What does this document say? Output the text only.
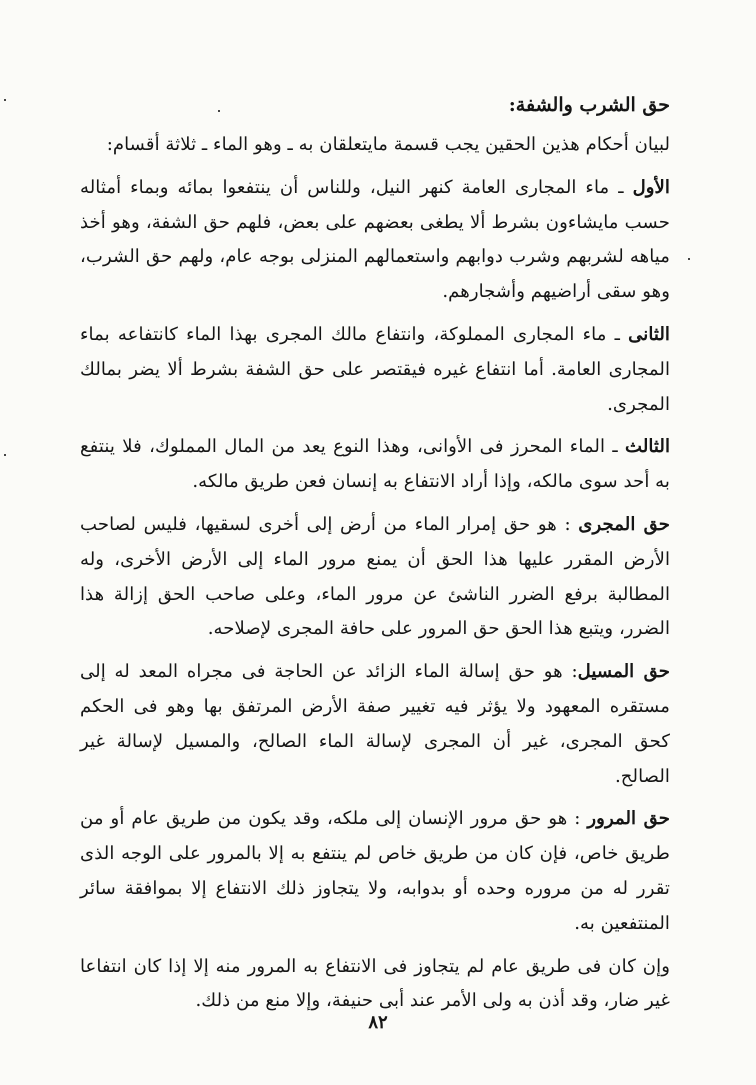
حق الشرب والشفة:

لبيان أحكام هذين الحقين يجب قسمة مايتعلقان به ـ وهو الماء ـ ثلاثة أقسام:

الأول ـ ماء المجارى العامة كنهر النيل، وللناس أن ينتفعوا بمائه وبماء أمثاله حسب مايشاءون بشرط ألا يطغى بعضهم على بعض، فلهم حق الشفة، وهو أخذ مياهه لشربهم وشرب دوابهم واستعمالهم المنزلى بوجه عام، ولهم حق الشرب، وهو سقى أراضيهم وأشجارهم.

الثانى ـ ماء المجارى المملوكة، وانتفاع مالك المجرى بهذا الماء كانتفاعه بماء المجارى العامة. أما انتفاع غيره فيقتصر على حق الشفة بشرط ألا يضر بمالك المجرى.

الثالث ـ الماء المحرز فى الأوانى، وهذا النوع يعد من المال المملوك، فلا ينتفع به أحد سوى مالكه، وإذا أراد الانتفاع به إنسان فعن طريق مالكه.

حق المجرى : هو حق إمرار الماء من أرض إلى أخرى لسقيها، فليس لصاحب الأرض المقرر عليها هذا الحق أن يمنع مرور الماء إلى الأرض الأخرى، وله المطالبة برفع الضرر الناشئ عن مرور الماء، وعلى صاحب الحق إزالة هذا الضرر، ويتبع هذا الحق حق المرور على حافة المجرى لإصلاحه.

حق المسيل: هو حق إسالة الماء الزائد عن الحاجة فى مجراه المعد له إلى مستقره المعهود ولا يؤثر فيه تغيير صفة الأرض المرتفق بها وهو فى الحكم كحق المجرى، غير أن المجرى لإسالة الماء الصالح، والمسيل لإسالة غير الصالح.

حق المرور : هو حق مرور الإنسان إلى ملكه، وقد يكون من طريق عام أو من طريق خاص، فإن كان من طريق خاص لم ينتفع به إلا بالمرور على الوجه الذى تقرر له من مروره وحده أو بدوابه، ولا يتجاوز ذلك الانتفاع إلا بموافقة سائر المنتفعين به.

وإن كان فى طريق عام لم يتجاوز فى الانتفاع به المرور منه إلا إذا كان انتفاعا غير ضار، وقد أذن به ولى الأمر عند أبى حنيفة، وإلا منع من ذلك.

٨٢
